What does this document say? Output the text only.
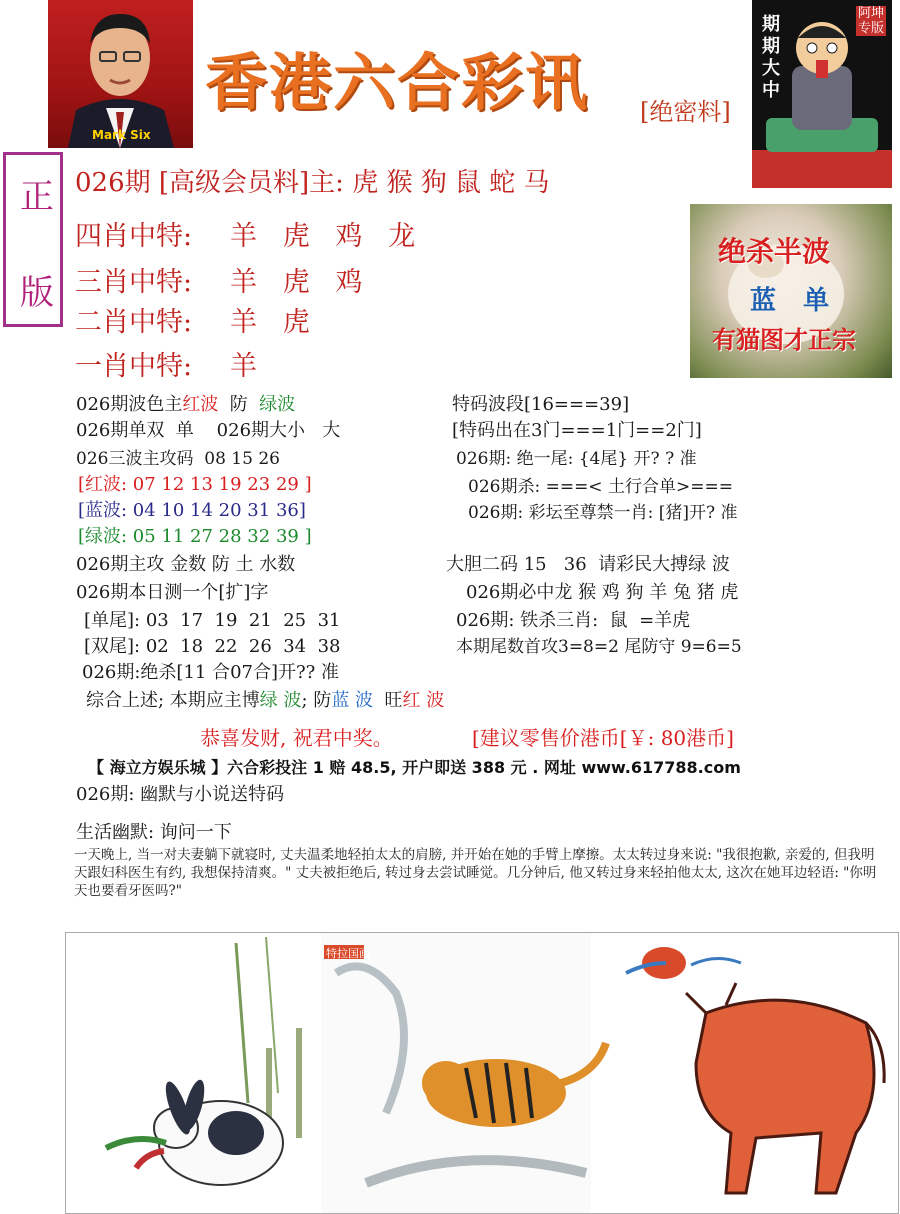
Mark Six
香港六合彩讯 [绝密料]
期期大中
阿坤专版
正
版
026期 [高级会员料]主: 虎 猴 狗 鼠 蛇 马
四肖中特: 羊   虎   鸡   龙
三肖中特: 羊   虎   鸡
二肖中特: 羊   虎
一肖中特: 羊
绝杀半波
蓝   单
有猫图才正宗
026期波色主红波  防  绿波
026期单双  单    026期大小   大
026三波主攻码  08 15 26
[红波: 07 12 13 19 23 29 ]
[蓝波: 04 10 14 20 31 36]
[绿波: 05 11 27 28 32 39 ]
026期主攻 金数 防 土 水数
026期本日测一个[扩]字
[单尾]: 03  17  19  21  25  31
[双尾]: 02  18  22  26  34  38
026期:绝杀[11 合07合]开?? 准
特码波段[16===39]
[特码出在3门===1门==2门]
026期: 绝一尾: {4尾} 开? ? 准
026期杀: ===< 土行合单>===
026期: 彩坛至尊禁一肖: [猪]开? 准
大胆二码 15   36  请彩民大搏绿 波
026期必中龙 猴 鸡 狗 羊 兔 猪 虎
026期: 铁杀三肖:  鼠  =羊虎
本期尾数首攻3=8=2 尾防守 9=6=5
综合上述; 本期应主博绿 波; 防蓝 波  旺红 波
恭喜发财, 祝君中奖。	[建议零售价港币[￥: 80港币]
【 海立方娱乐城 】六合彩投注 1 赔 48.5, 开户即送 388 元 . 网址 www.617788.com
026期: 幽默与小说送特码
生活幽默: 询问一下
一天晚上, 当一对夫妻躺下就寝时, 丈夫温柔地轻拍太太的肩膀, 并开始在她的手臂上摩擦。太太转过身来说: "我很抱歉, 亲爱的, 但我明天跟妇科医生有约, 我想保持清爽。" 丈夫被拒绝后, 转过身去尝试睡觉。几分钟后, 他又转过身来轻拍他太太, 这次在她耳边轻语: "你明天也要看牙医吗?"
特拉国画
